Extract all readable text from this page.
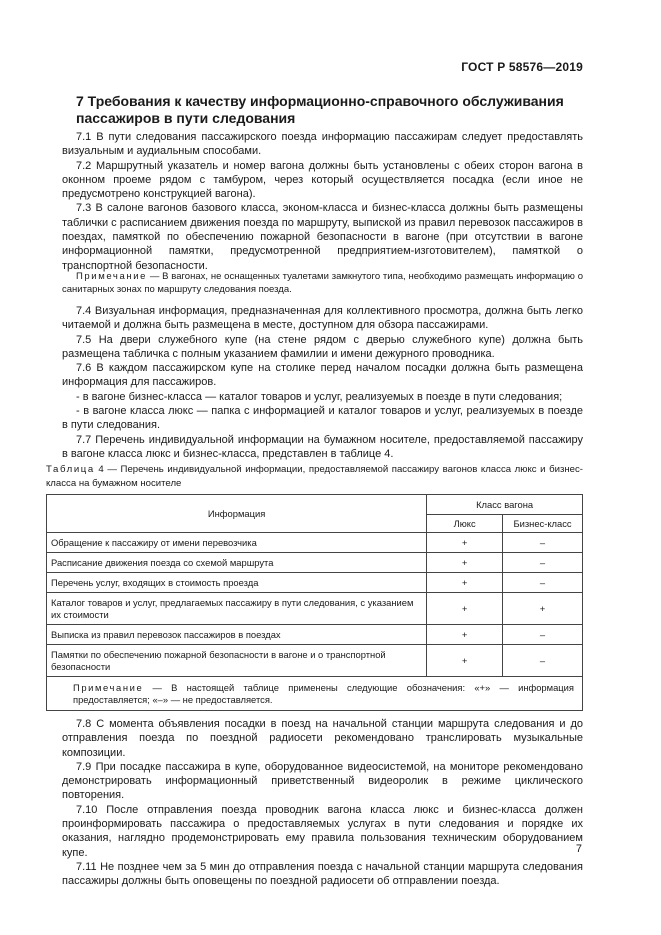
ГОСТ Р 58576—2019
7 Требования к качеству информационно-справочного обслуживания пассажиров в пути следования

7.1 В пути следования пассажирского поезда информацию пассажирам следует предоставлять визуальным и аудиальным способами.

7.2 Маршрутный указатель и номер вагона должны быть установлены с обеих сторон вагона в оконном проеме рядом с тамбуром, через который осуществляется посадка (если иное не предусмотрено конструкцией вагона).

7.3 В салоне вагонов базового класса, эконом-класса и бизнес-класса должны быть размещены таблички с расписанием движения поезда по маршруту, выпиской из правил перевозок пассажиров в поездах, памяткой по обеспечению пожарной безопасности в вагоне (при отсутствии в вагоне информационной памятки, предусмотренной предприятием-изготовителем), памяткой о транспортной безопасности.

Примечание — В вагонах, не оснащенных туалетами замкнутого типа, необходимо размещать информацию о санитарных зонах по маршруту следования поезда.

7.4 Визуальная информация, предназначенная для коллективного просмотра, должна быть легко читаемой и должна быть размещена в месте, доступном для обзора пассажирами.

7.5 На двери служебного купе (на стене рядом с дверью служебного купе) должна быть размещена табличка с полным указанием фамилии и имени дежурного проводника.

7.6 В каждом пассажирском купе на столике перед началом посадки должна быть размещена информация для пассажиров.

- в вагоне бизнес-класса — каталог товаров и услуг, реализуемых в поезде в пути следования;

- в вагоне класса люкс — папка с информацией и каталог товаров и услуг, реализуемых в поезде в пути следования.

7.7 Перечень индивидуальной информации на бумажном носителе, предоставляемой пассажиру в вагоне класса люкс и бизнес-класса, представлен в таблице 4.

Таблица 4 — Перечень индивидуальной информации, предоставляемой пассажиру вагонов класса люкс и бизнес-класса на бумажном носителе
Информация	Класс вагона	
	Люкс	Бизнес-класс
Обращение к пассажиру от имени перевозчика	+	–
Расписание движения поезда со схемой маршрута	+	–
Перечень услуг, входящих в стоимость проезда	+	–
Каталог товаров и услуг, предлагаемых пассажиру в пути следования, с указанием их стоимости	+	+
Выписка из правил перевозок пассажиров в поездах	+	–
Памятки по обеспечению пожарной безопасности в вагоне и о транспортной безопасности	+	–
Примечание — В настоящей таблице применены следующие обозначения: «+» — информация предоставляется; «–» — не предоставляется.		

7.8 С момента объявления посадки в поезд на начальной станции маршрута следования и до отправления поезда по поездной радиосети рекомендовано транслировать музыкальные композиции.

7.9 При посадке пассажира в купе, оборудованное видеосистемой, на мониторе рекомендовано демонстрировать информационный приветственный видеоролик в режиме циклического повторения.

7.10 После отправления поезда проводник вагона класса люкс и бизнес-класса должен проинформировать пассажира о предоставляемых услугах в пути следования и порядке их оказания, наглядно продемонстрировать ему правила пользования техническим оборудованием купе.

7.11 Не позднее чем за 5 мин до отправления поезда с начальной станции маршрута следования пассажиры должны быть оповещены по поездной радиосети об отправлении поезда.

7
